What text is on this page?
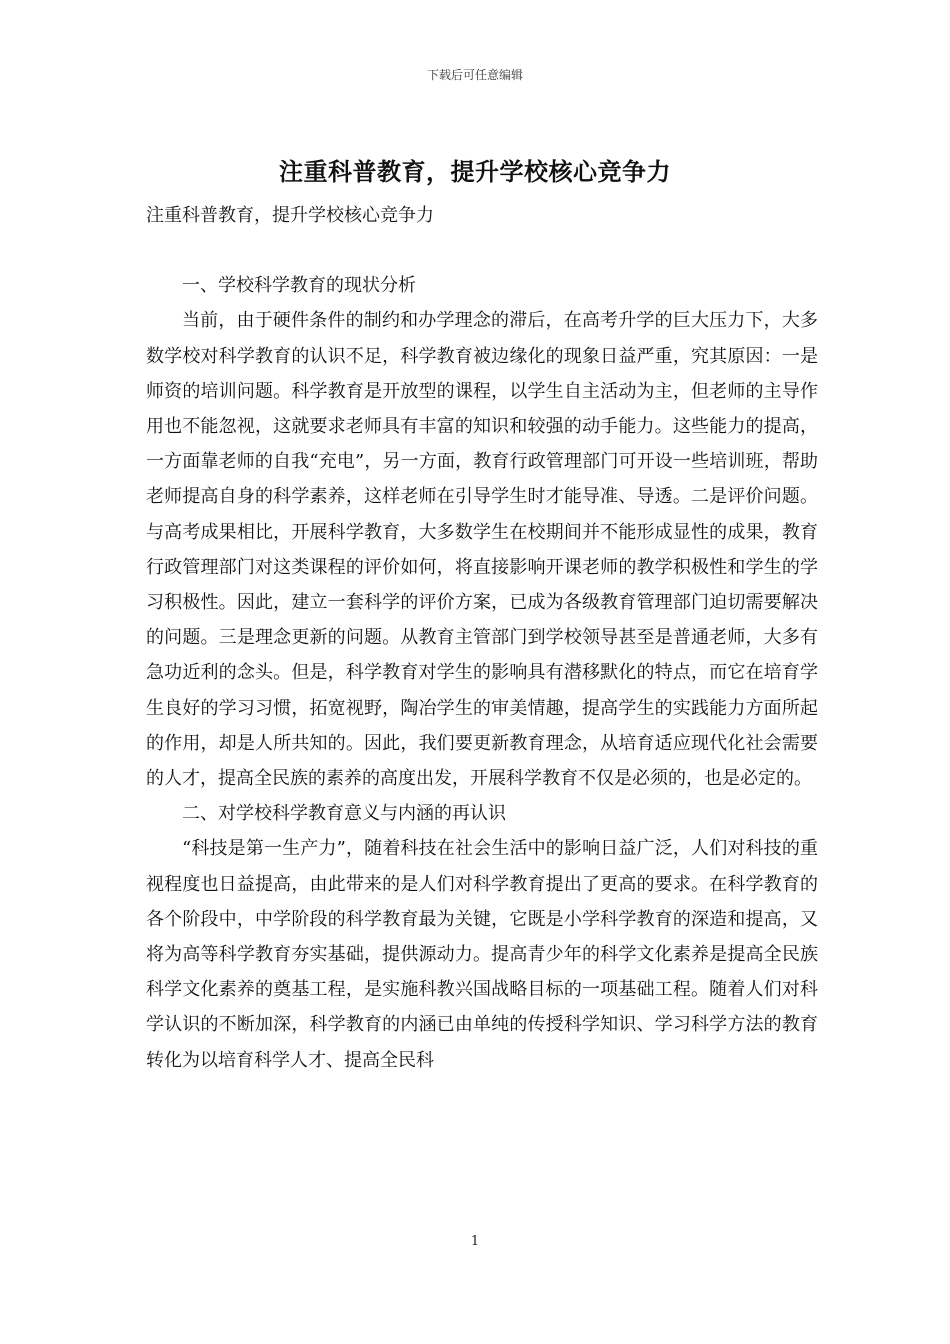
下载后可任意编辑
注重科普教育，提升学校核心竞争力

注重科普教育，提升学校核心竞争力

一、学校科学教育的现状分析

当前，由于硬件条件的制约和办学理念的滞后，在高考升学的巨大压力下，大多数学校对科学教育的认识不足，科学教育被边缘化的现象日益严重，究其原因：一是师资的培训问题。科学教育是开放型的课程，以学生自主活动为主，但老师的主导作用也不能忽视，这就要求老师具有丰富的知识和较强的动手能力。这些能力的提高，一方面靠老师的自我“充电”，另一方面，教育行政管理部门可开设一些培训班，帮助老师提高自身的科学素养，这样老师在引导学生时才能导准、导透。二是评价问题。与高考成果相比，开展科学教育，大多数学生在校期间并不能形成显性的成果，教育行政管理部门对这类课程的评价如何，将直接影响开课老师的教学积极性和学生的学习积极性。因此，建立一套科学的评价方案，已成为各级教育管理部门迫切需要解决的问题。三是理念更新的问题。从教育主管部门到学校领导甚至是普通老师，大多有急功近利的念头。但是，科学教育对学生的影响具有潜移默化的特点，而它在培育学生良好的学习习惯，拓宽视野，陶冶学生的审美情趣，提高学生的实践能力方面所起的作用，却是人所共知的。因此，我们要更新教育理念，从培育适应现代化社会需要的人才，提高全民族的素养的高度出发，开展科学教育不仅是必须的，也是必定的。

二、对学校科学教育意义与内涵的再认识

“科技是第一生产力”，随着科技在社会生活中的影响日益广泛，人们对科技的重视程度也日益提高，由此带来的是人们对科学教育提出了更高的要求。在科学教育的各个阶段中，中学阶段的科学教育最为关键，它既是小学科学教育的深造和提高，又将为高等科学教育夯实基础，提供源动力。提高青少年的科学文化素养是提高全民族科学文化素养的奠基工程，是实施科教兴国战略目标的一项基础工程。随着人们对科学认识的不断加深，科学教育的内涵已由单纯的传授科学知识、学习科学方法的教育转化为以培育科学人才、提高全民科

1
